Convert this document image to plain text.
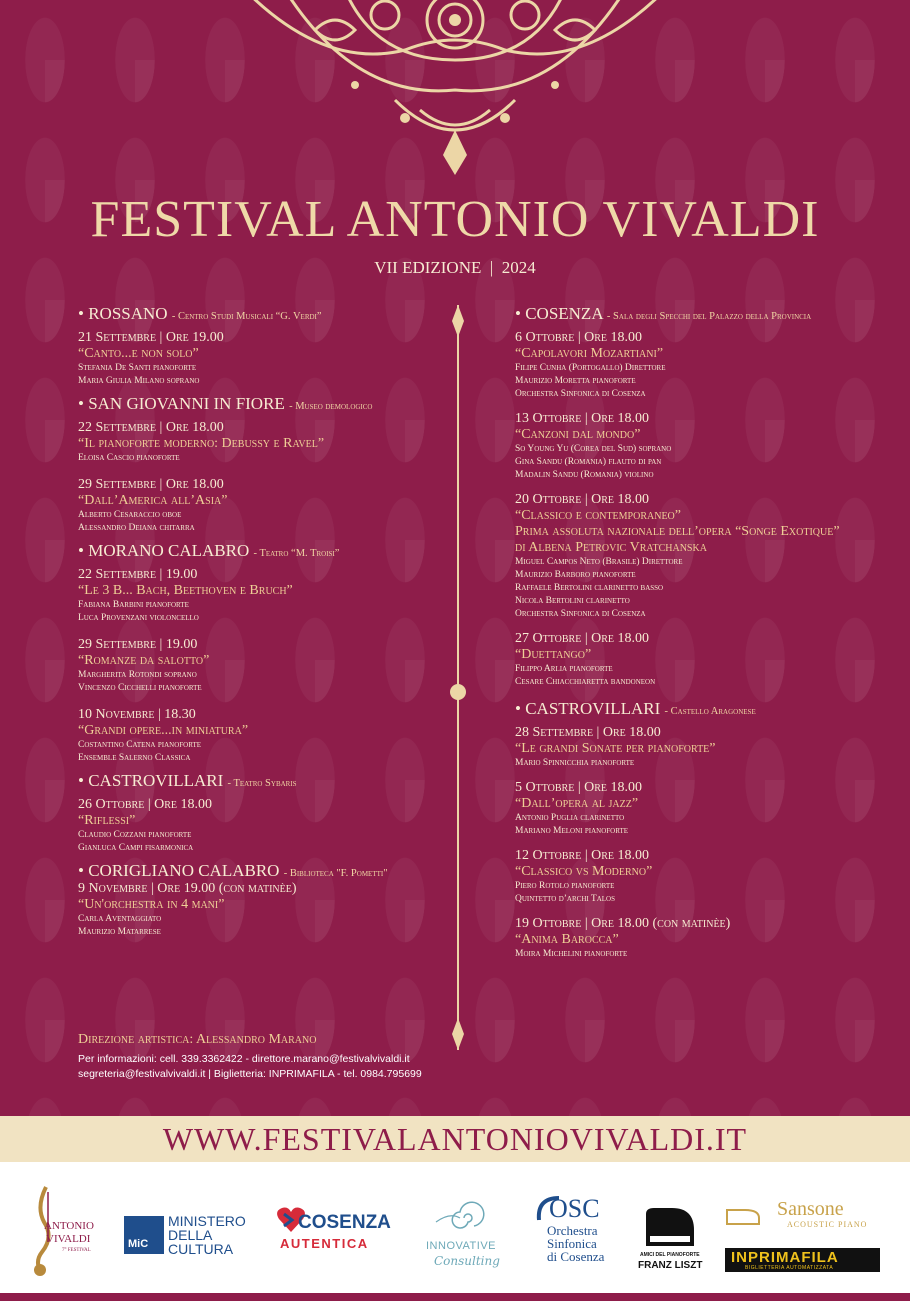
FESTIVAL ANTONIO VIVALDI
VII EDIZIONE  |  2024
• ROSSANO - Centro Studi Musicali “G. Verdi”
21 Settembre | Ore 19.00
“Canto...e non solo”
Stefania De Santi pianoforte
Maria Giulia Milano soprano
• SAN GIOVANNI IN FIORE - Museo demologico
22 Settembre | Ore 18.00
“Il pianoforte moderno: Debussy e Ravel”
Eloisa Cascio pianoforte
29 Settembre | Ore 18.00
“Dall’America all’Asia”
Alberto Cesaraccio oboe
Alessandro Deiana chitarra
• MORANO CALABRO - Teatro “M. Troisi”
22 Settembre | 19.00
“Le 3 B... Bach, Beethoven e Bruch”
Fabiana Barbini pianoforte
Luca Provenzani violoncello
29 Settembre | 19.00
“Romanze da salotto”
Margherita Rotondi soprano
Vincenzo Cicchelli pianoforte
10 Novembre | 18.30
“Grandi opere...in miniatura”
Costantino Catena pianoforte
Ensemble Salerno Classica
• CASTROVILLARI - Teatro Sybaris
26 Ottobre | Ore 18.00
“Riflessi”
Claudio Cozzani pianoforte
Gianluca Campi fisarmonica
• CORIGLIANO CALABRO - Biblioteca "F. Pometti"
9 Novembre | Ore 19.00 (con matinèe)
“Un'orchestra in 4 mani”
Carla Aventaggiato
Maurizio Matarrese
• COSENZA - Sala degli Specchi del Palazzo della Provincia
6 Ottobre | Ore 18.00
“Capolavori Mozartiani”
Filipe Cunha (Portogallo) Direttore
Maurizio Moretta pianoforte
Orchestra Sinfonica di Cosenza
13 Ottobre | Ore 18.00
“Canzoni dal mondo”
So Young Yu (Corea del Sud) soprano
Gina Sandu (Romania) flauto di pan
Madalin Sandu (Romania) violino
20 Ottobre | Ore 18.00
“Classico e contemporaneo”
Prima assoluta nazionale dell’opera “Songe Exotique”
di Albena Petrovic Vratchanska
Miguel Campos Neto (Brasile) Direttore
Maurizio Barboro pianoforte
Raffaele Bertolini clarinetto basso
Nicola Bertolini clarinetto
Orchestra Sinfonica di Cosenza
27 Ottobre | Ore 18.00
“Duettango”
Filippo Arlia pianoforte
Cesare Chiacchiaretta bandoneon
• CASTROVILLARI - Castello Aragonese
28 Settembre | Ore 18.00
“Le grandi Sonate per pianoforte”
Mario Spinnicchia pianoforte
5 Ottobre | Ore 18.00
“Dall’opera al jazz”
Antonio Puglia clarinetto
Mariano Meloni pianoforte
12 Ottobre | Ore 18.00
“Classico vs Moderno”
Piero Rotolo pianoforte
Quintetto d’archi Talos
19 Ottobre | Ore 18.00 (con matinèe)
“Anima Barocca”
Moira Michelini pianoforte
Direzione artistica: Alessandro Marano
Per informazioni: cell. 339.3362422 - direttore.marano@festivalvivaldi.it
segreteria@festivalvivaldi.it | Biglietteria: INPRIMAFILA - tel. 0984.795699
WWW.FESTIVALANTONIOVIVALDI.IT
ANTONIO
VIVALDI
7° FESTIVAL
MiC
MINISTERO
DELLA
CULTURA
COSENZA
AUTENTICA	INNOVATIVE
Consulting
OSC
Orchestra
Sinfonica
di Cosenza	AMICI DEL PIANOFORTE
FRANZ LISZT
Sansone
ACOUSTIC PIANO
INPRIMAFILA
BIGLIETTERIA AUTOMATIZZATA
